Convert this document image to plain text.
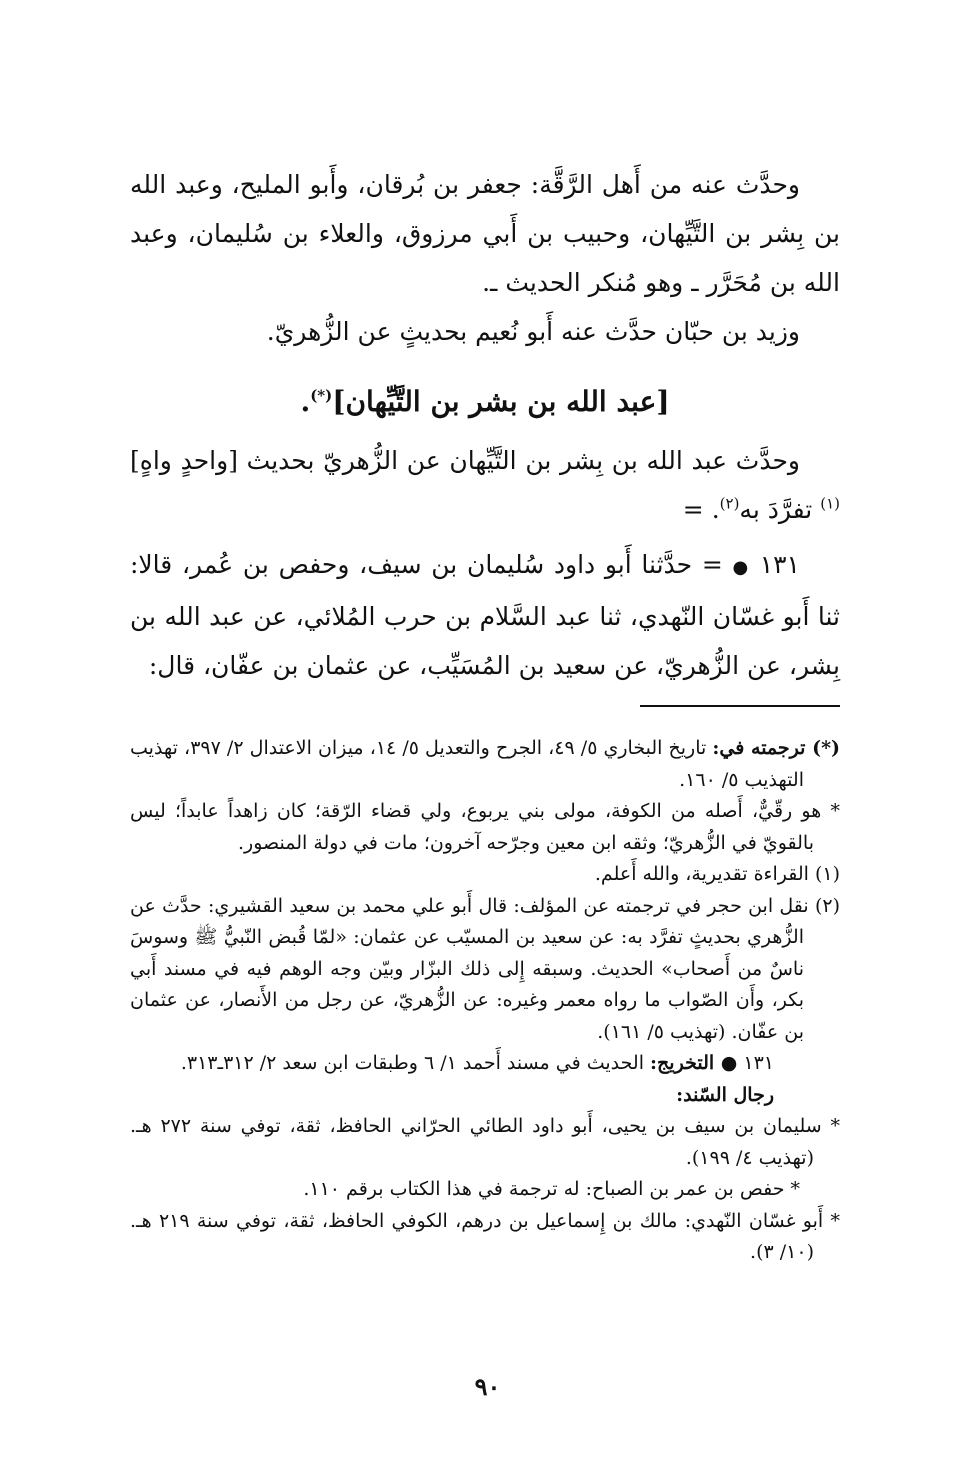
وحدَّث عنه من أَهل الرَّقَّة: جعفر بن بُرقان، وأَبو المليح، وعبد الله بن بِشر بن التَّيِّهان، وحبيب بن أَبي مرزوق، والعلاء بن سُليمان، وعبد الله بن مُحَرَّر ـ وهو مُنكر الحديث ـ.

وزيد بن حبّان حدَّث عنه أَبو نُعيم بحديثٍ عن الزُّهريّ.

[عبد الله بن بشر بن التَّيِّهان](*).

وحدَّث عبد الله بن بِشر بن التَّيِّهان عن الزُّهريّ بحديث [واحدٍ واهٍ]$^{(١)}$ تفرَّدَ به$^{(٢)}$. =

١٣١ ● = حدَّثنا أَبو داود سُليمان بن سيف، وحفص بن عُمر، قالا: ثنا أَبو غسّان النّهدي، ثنا عبد السَّلام بن حرب المُلائي، عن عبد الله بن بِشر، عن الزُّهريّ، عن سعيد بن المُسَيِّب، عن عثمان بن عفّان، قال:

(*) ترجمته في: تاريخ البخاري ٥/ ٤٩، الجرح والتعديل ٥/ ١٤، ميزان الاعتدال ٢/ ٣٩٧، تهذيب التهذيب ٥/ ١٦٠.

* هو رقّيٌّ، أَصله من الكوفة، مولى بني يربوع، ولي قضاء الرّقة؛ كان زاهداً عابداً؛ ليس بالقويّ في الزُّهريّ؛ وثقه ابن معين وجرّحه آخرون؛ مات في دولة المنصور.

(١) القراءة تقديرية، والله أَعلم.

(٢) نقل ابن حجر في ترجمته عن المؤلف: قال أَبو علي محمد بن سعيد القشيري: حدَّث عن الزُّهري بحديثٍ تفرَّد به: عن سعيد بن المسيّب عن عثمان: «لمّا قُبض النّبيُّ ﷺ وسوسَ ناسٌ من أَصحاب» الحديث. وسبقه إِلى ذلك البزّار وبيّن وجه الوهم فيه في مسند أَبي بكر، وأَن الصّواب ما رواه معمر وغيره: عن الزُّهريّ، عن رجل من الأَنصار، عن عثمان بن عفّان. (تهذيب ٥/ ١٦١).

١٣١ ● التخريج: الحديث في مسند أَحمد ١/ ٦ وطبقات ابن سعد ٢/ ٣١٢ـ٣١٣.

رجال السّند:

* سليمان بن سيف بن يحيى، أَبو داود الطائي الحرّاني الحافظ، ثقة، توفي سنة ٢٧٢ هـ. (تهذيب ٤/ ١٩٩).

* حفص بن عمر بن الصباح: له ترجمة في هذا الكتاب برقم ١١٠.

* أَبو غسّان النّهدي: مالك بن إِسماعيل بن درهم، الكوفي الحافظ، ثقة، توفي سنة ٢١٩ هـ. (١٠/ ٣).

٩٠
